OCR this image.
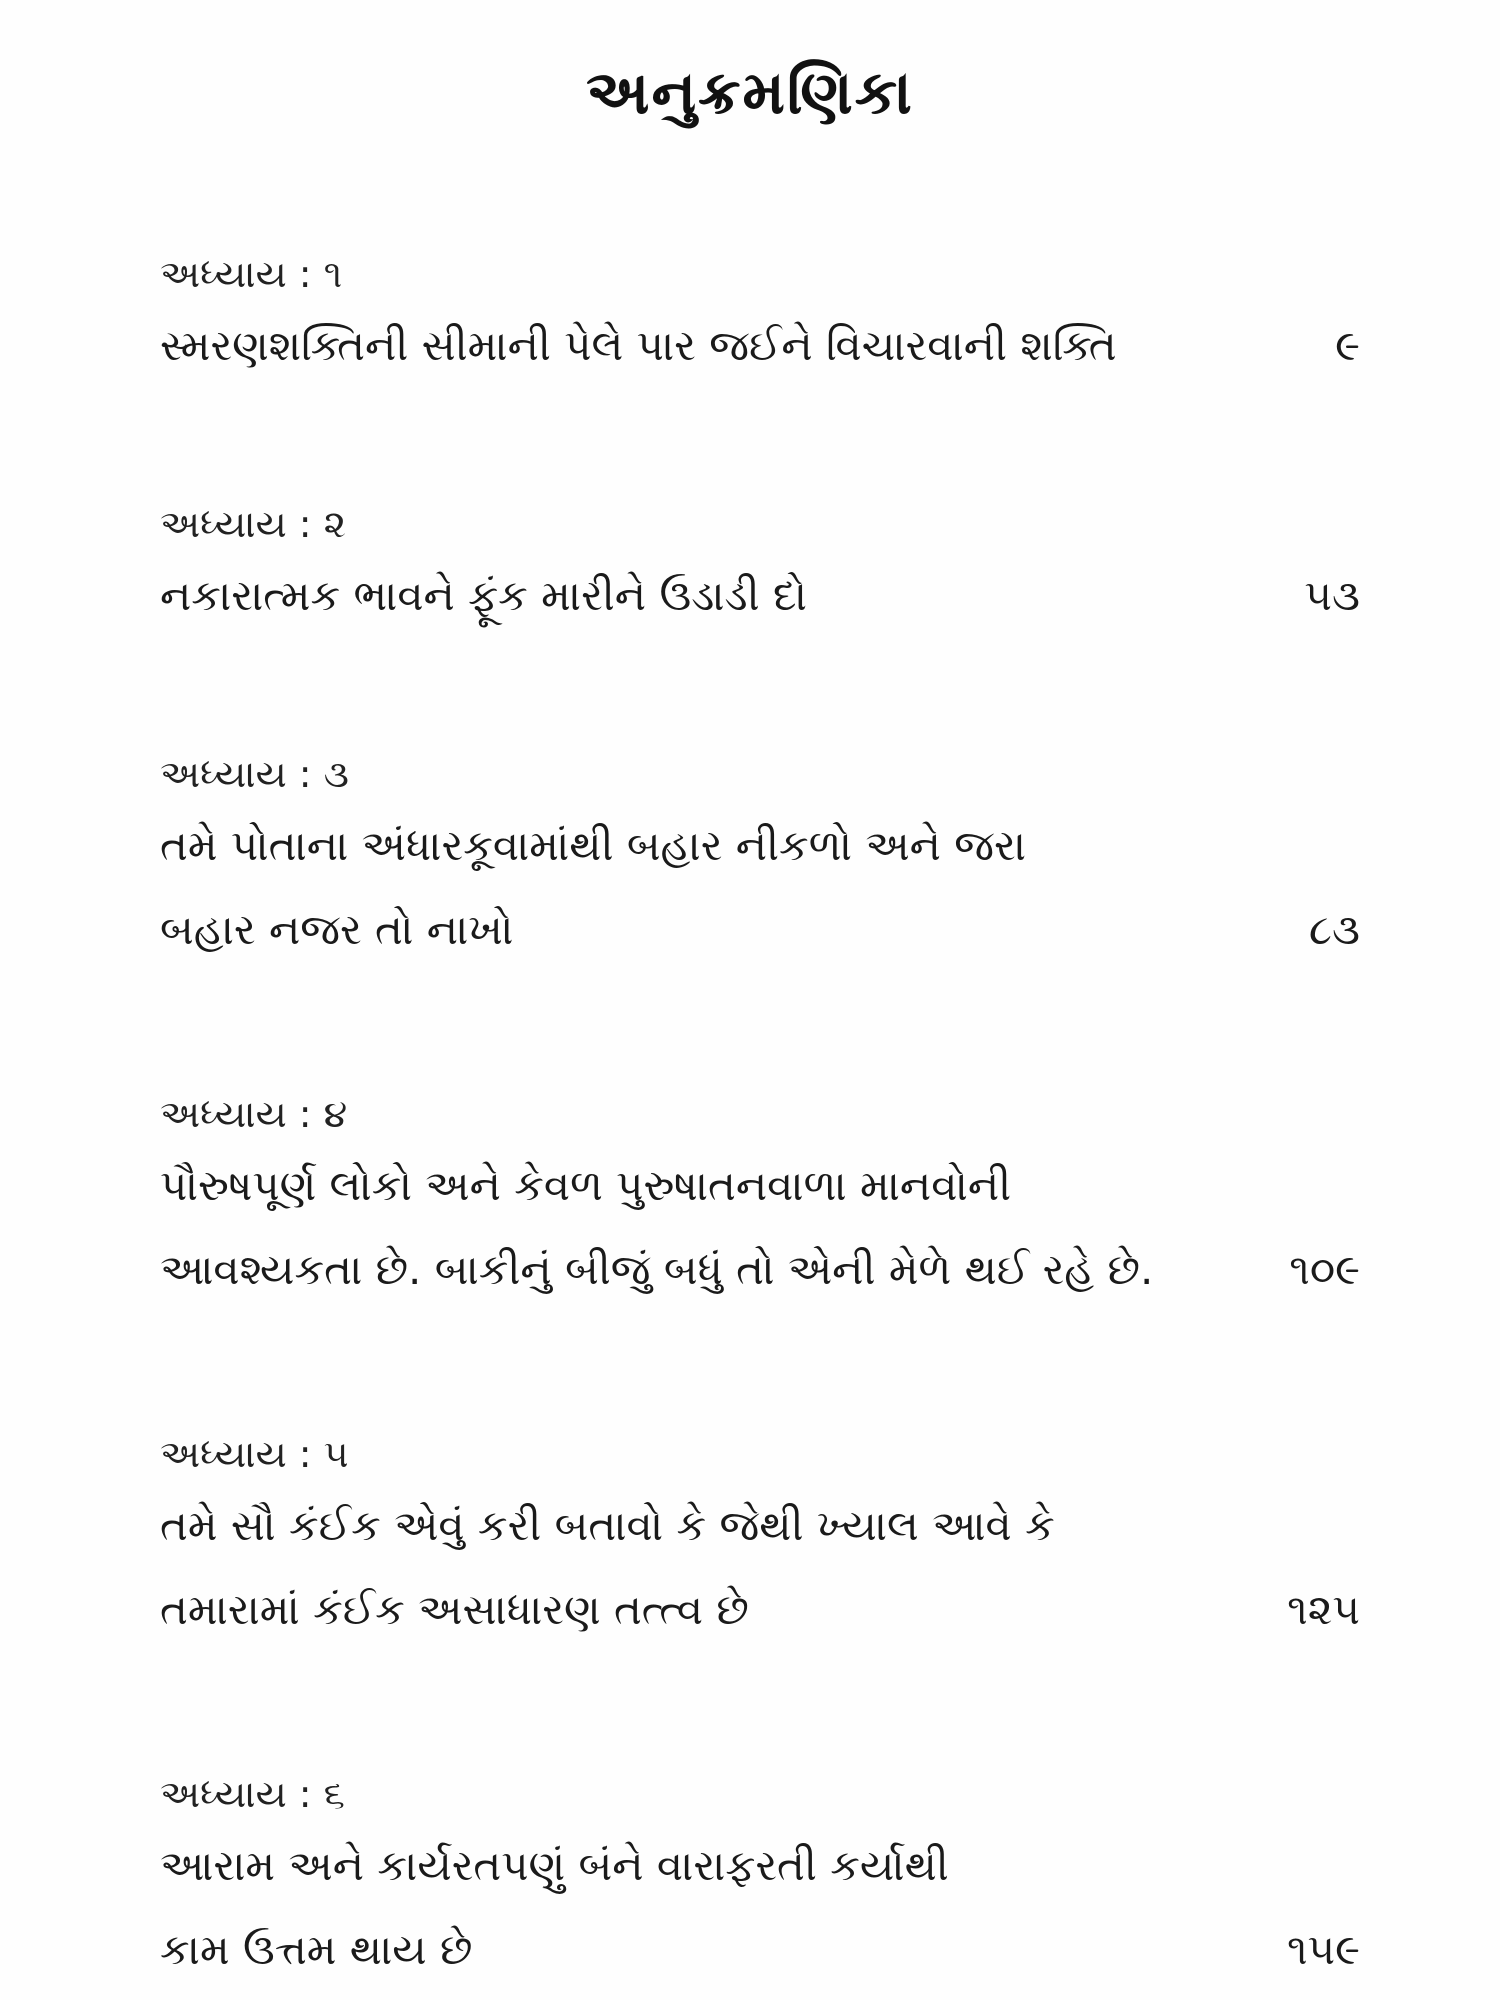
અનુક્રમણિકા
અધ્યાય : ૧
સ્મરણશક્તિની સીમાની પેલે પાર જઈને વિચારવાની શક્તિ	૯
અધ્યાય : ૨
નકારાત્મક ભાવને ફૂંક મારીને ઉડાડી દો	૫૩
અધ્યાય : ૩
તમે પોતાના અંધારકૂવામાંથી બહાર નીકળો અને જરા
બહાર નજર તો નાખો	૮૩
અધ્યાય : ૪
પૌરુષપૂર્ણ લોકો અને કેવળ પુરુષાતનવાળા માનવોની
આવશ્યકતા છે. બાકીનું બીજું બધું તો એની મેળે થઈ રહે છે.	૧૦૯
અધ્યાય : ૫
તમે સૌ કંઈક એવું કરી બતાવો કે જેથી ખ્યાલ આવે કે
તમારામાં કંઈક અસાધારણ તત્ત્વ છે	૧૨૫
અધ્યાય : ૬
આરામ અને કાર્યરતપણું બંને વારાફરતી કર્યાથી
કામ ઉત્તમ થાય છે	૧૫૯
